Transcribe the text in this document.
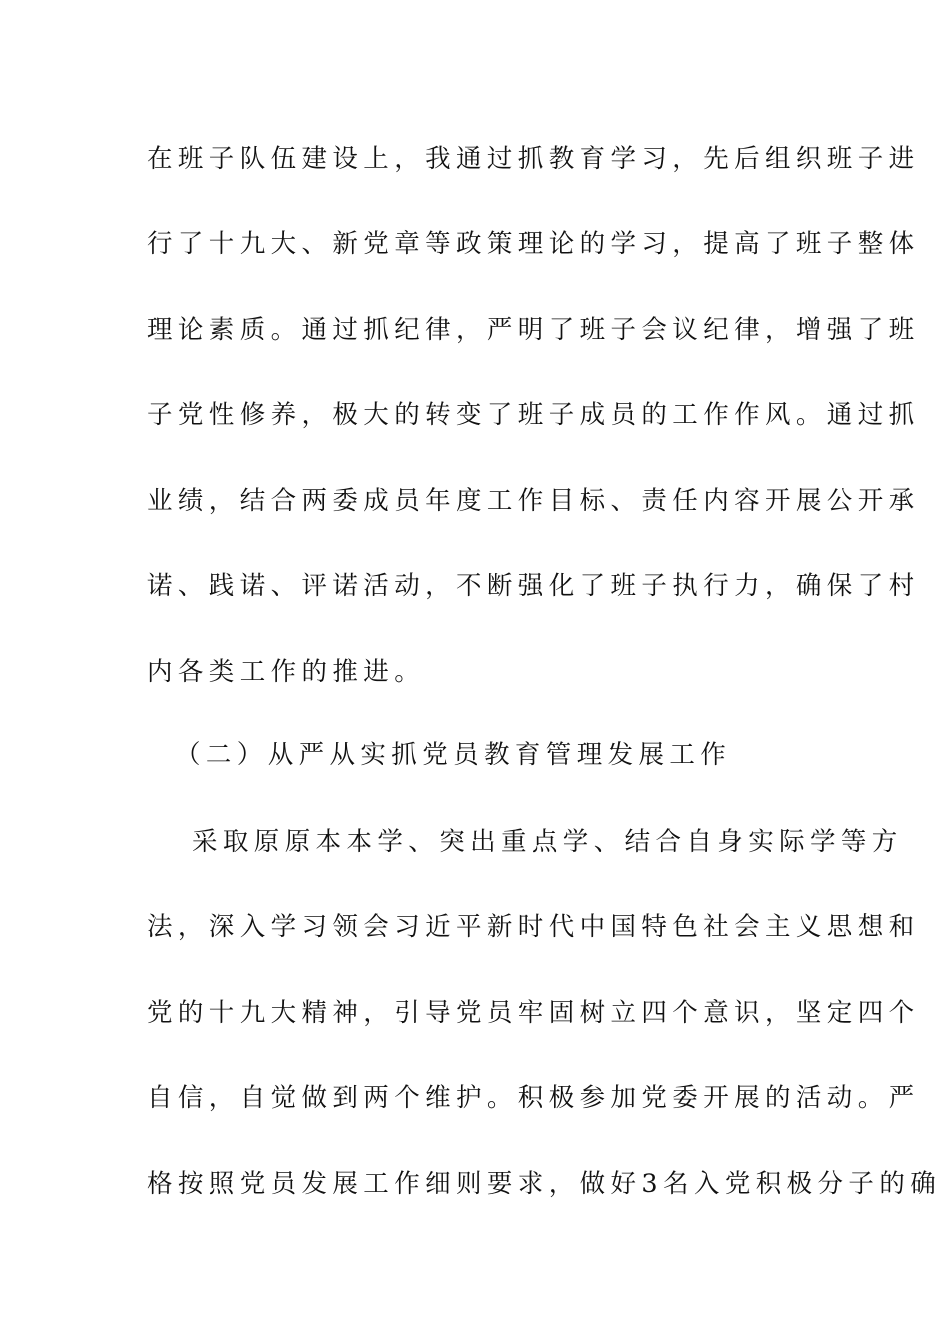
在班子队伍建设上，我通过抓教育学习，先后组织班子进
行了十九大、新党章等政策理论的学习，提高了班子整体
理论素质。通过抓纪律，严明了班子会议纪律，增强了班
子党性修养，极大的转变了班子成员的工作作风。通过抓
业绩，结合两委成员年度工作目标、责任内容开展公开承
诺、践诺、评诺活动，不断强化了班子执行力，确保了村
内各类工作的推进。
（二）从严从实抓党员教育管理发展工作
采取原原本本学、突出重点学、结合自身实际学等方
法，深入学习领会习近平新时代中国特色社会主义思想和
党的十九大精神，引导党员牢固树立四个意识，坚定四个
自信，自觉做到两个维护。积极参加党委开展的活动。严
格按照党员发展工作细则要求，做好3名入党积极分子的确
